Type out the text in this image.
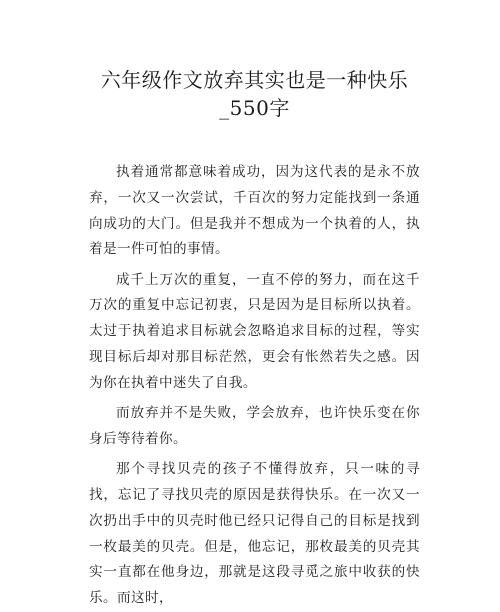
六年级作文放弃其实也是一种快乐_550字

执着通常都意味着成功，因为这代表的是永不放弃，一次又一次尝试，千百次的努力定能找到一条通向成功的大门。但是我并不想成为一个执着的人，执着是一件可怕的事情。

成千上万次的重复，一直不停的努力，而在这千万次的重复中忘记初衷，只是因为是目标所以执着。太过于执着追求目标就会忽略追求目标的过程，等实现目标后却对那目标茫然，更会有怅然若失之感。因为你在执着中迷失了自我。

而放弃并不是失败，学会放弃，也许快乐变在你身后等待着你。

那个寻找贝壳的孩子不懂得放弃，只一味的寻找，忘记了寻找贝壳的原因是获得快乐。在一次又一次扔出手中的贝壳时他已经只记得自己的目标是找到一枚最美的贝壳。但是，他忘记，那枚最美的贝壳其实一直都在他身边，那就是这段寻觅之旅中收获的快乐。而这时，
